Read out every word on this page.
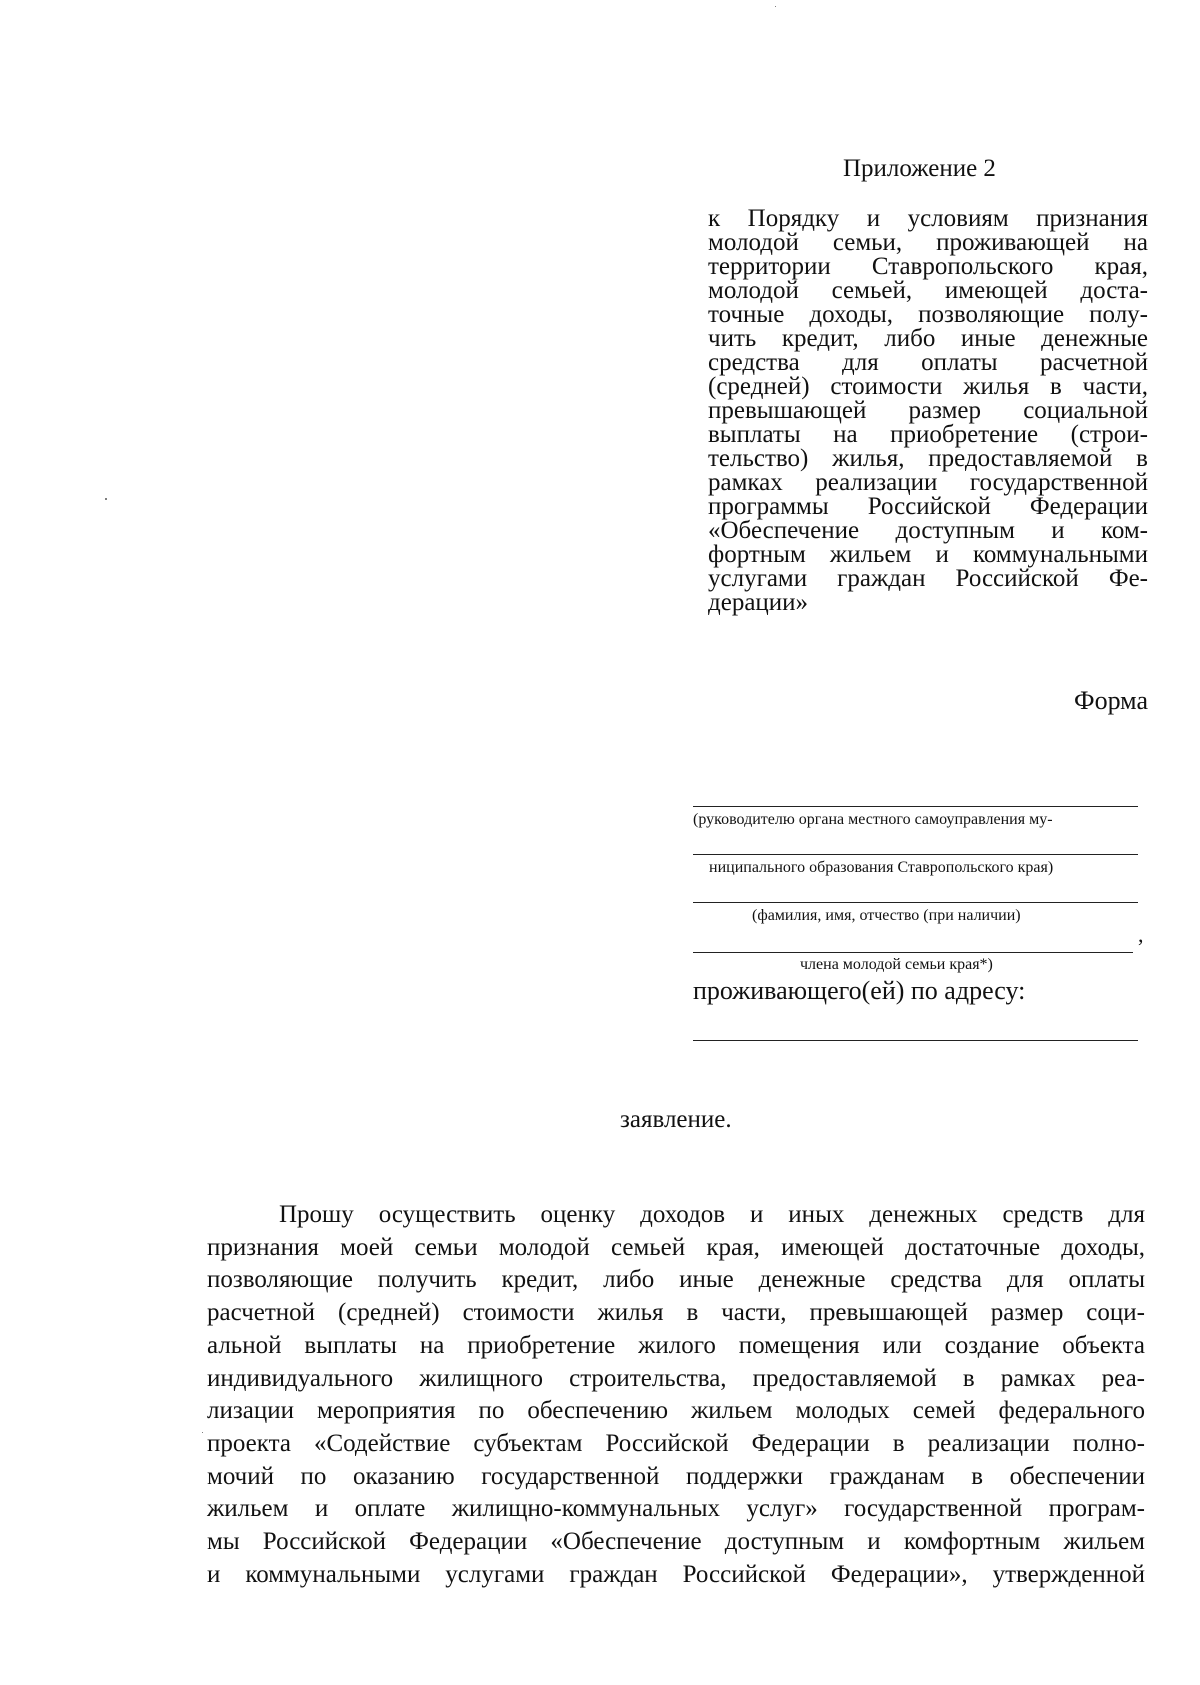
Приложение 2
к Порядку и условиям признания
молодой семьи, проживающей на
территории Ставропольского края,
молодой семьей, имеющей доста-
точные доходы, позволяющие полу-
чить кредит, либо иные денежные
средства для оплаты расчетной
(средней) стоимости жилья в части,
превышающей размер социальной
выплаты на приобретение (строи-
тельство) жилья, предоставляемой в
рамках реализации государственной
программы Российской Федерации
«Обеспечение доступным и ком-
фортным жильем и коммунальными
услугами граждан Российской Фе-
дерации»
Форма
(руководителю органа местного самоуправления му-
ниципального образования Ставропольского края)
(фамилия, имя, отчество (при наличии)
,
члена молодой семьи края*)
проживающего(ей) по адресу:
заявление.
Прошу осуществить оценку доходов и иных денежных средств для
признания моей семьи молодой семьей края, имеющей достаточные доходы,
позволяющие получить кредит, либо иные денежные средства для оплаты
расчетной (средней) стоимости жилья в части, превышающей размер соци-
альной выплаты на приобретение жилого помещения или создание объекта
индивидуального жилищного строительства, предоставляемой в рамках реа-
лизации мероприятия по обеспечению жильем молодых семей федерального
проекта «Содействие субъектам Российской Федерации в реализации полно-
мочий по оказанию государственной поддержки гражданам в обеспечении
жильем и оплате жилищно-коммунальных услуг» государственной програм-
мы Российской Федерации «Обеспечение доступным и комфортным жильем
и коммунальными услугами граждан Российской Федерации», утвержденной
